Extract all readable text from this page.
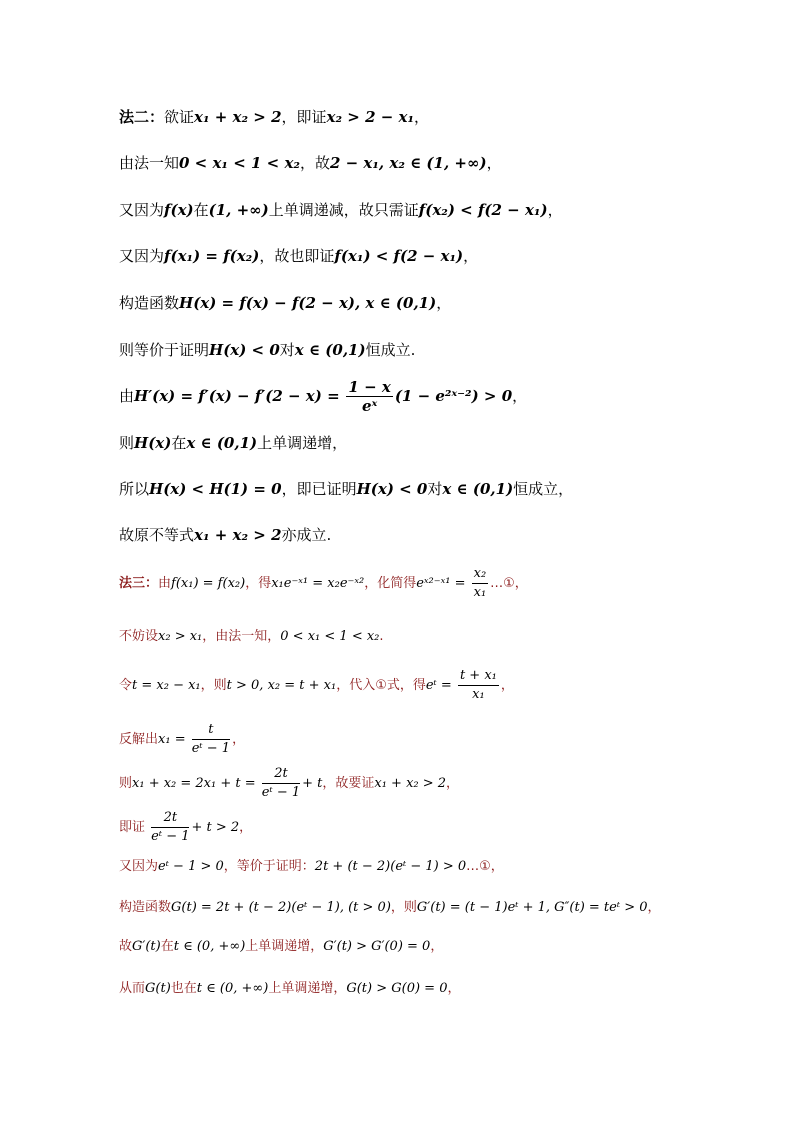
法二：欲证x₁ + x₂ > 2，即证x₂ > 2 − x₁，
由法一知0 < x₁ < 1 < x₂，故2 − x₁, x₂ ∈ (1, +∞)，
又因为f(x)在(1, +∞)上单调递减，故只需证f(x₂) < f(2 − x₁)，
又因为f(x₁) = f(x₂)，故也即证f(x₁) < f(2 − x₁)，
构造函数H(x) = f(x) − f(2 − x), x ∈ (0,1)，
则等价于证明H(x) < 0对x ∈ (0,1)恒成立.
由$H'(x) = f'(x) - f'(2 - x) = \frac{1 - x}{\text{eˣ}} (1$ − e²ˣ⁻²) > 0，
则H(x)在x ∈ (0,1)上单调递增，
所以H(x) < H(1) = 0，即已证明H(x) < 0对x ∈ (0,1)恒成立，
故原不等式x₁ + x₂ > 2亦成立.
法三：由f(x₁) = f(x₂)，得x₁e⁻ˣ¹ = x₂e⁻ˣ²，化简得eˣ²⁻ˣ¹ = $\frac{\text{x₂}}{\text{x₁}}$ …①，
不妨设x₂ > x₁，由法一知，0 < x₁ < 1 < x₂.
令t = x₂ − x₁，则t > 0, x₂ = t + x₁，代入①式，得eᵗ = $\frac{\text{t + x₁}}{\text{x₁}}$ ，
反解出$x_1 = \frac{t}{\text{eᵗ − 1}}$ ，
则$x_1 + x_2 = 2x_1 + t = \frac{2t}{\text{eᵗ − 1}} + t$，故要证x₁ + x₂ > 2，
即证 $\frac{2t}{\text{eᵗ − 1}} + t > 2$，
又因为eᵗ − 1 > 0，等价于证明：2t + (t − 2)(eᵗ − 1) > 0…①，
构造函数G(t) = 2t + (t − 2)(eᵗ − 1), (t > 0)，则G′(t) = (t − 1)eᵗ + 1, G″(t) = teᵗ > 0，
故G′(t)在t ∈ (0, +∞)上单调递增，G′(t) > G′(0) = 0，
从而G(t)也在t ∈ (0, +∞)上单调递增，G(t) > G(0) = 0，
